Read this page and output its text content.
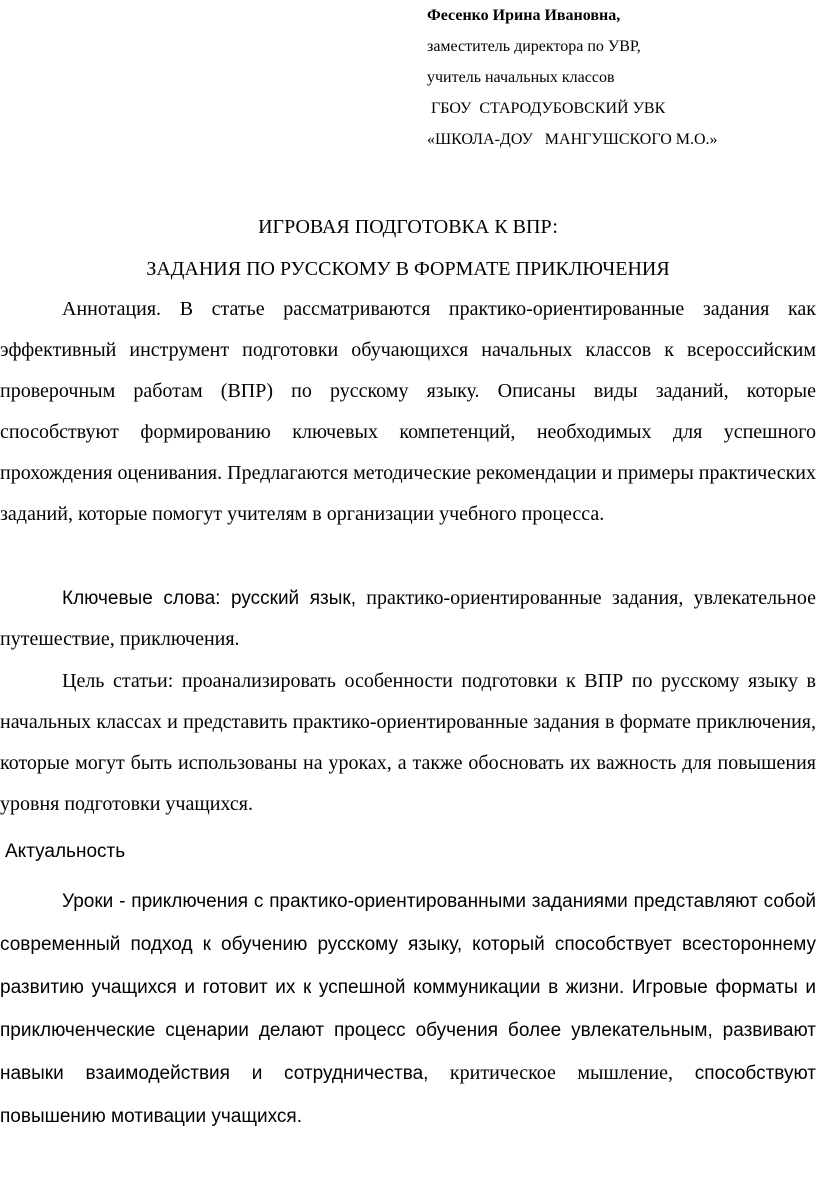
Фесенко Ирина Ивановна,
заместитель директора по УВР,
учитель начальных классов
ГБОУ  СТАРОДУБОВСКИЙ УВК
«ШКОЛА-ДОУ   МАНГУШСКОГО М.О.»
ИГРОВАЯ ПОДГОТОВКА К ВПР:
ЗАДАНИЯ ПО РУССКОМУ В ФОРМАТЕ ПРИКЛЮЧЕНИЯ

Аннотация. В статье рассматриваются практико-ориентированные задания как эффективный инструмент подготовки обучающихся начальных классов к всероссийским проверочным работам (ВПР) по русскому языку. Описаны виды заданий, которые способствуют формированию ключевых компетенций, необходимых для успешного прохождения оценивания. Предлагаются методические рекомендации и примеры практических заданий, которые помогут учителям в организации учебного процесса.

Ключевые слова: русский язык, практико-ориентированные задания, увлекательное путешествие, приключения.

Цель статьи: проанализировать особенности подготовки к ВПР по русскому языку в начальных классах и представить практико-ориентированные задания в формате приключения, которые могут быть использованы на уроках, а также обосновать их важность для повышения уровня подготовки учащихся.

Актуальность

Уроки - приключения с практико-ориентированными заданиями представляют собой современный подход к обучению русскому языку, который способствует всестороннему развитию учащихся и готовит их к успешной коммуникации в жизни. Игровые форматы и приключенческие сценарии делают процесс обучения более увлекательным, развивают навыки взаимодействия и сотрудничества, критическое мышление, способствуют повышению мотивации учащихся.
